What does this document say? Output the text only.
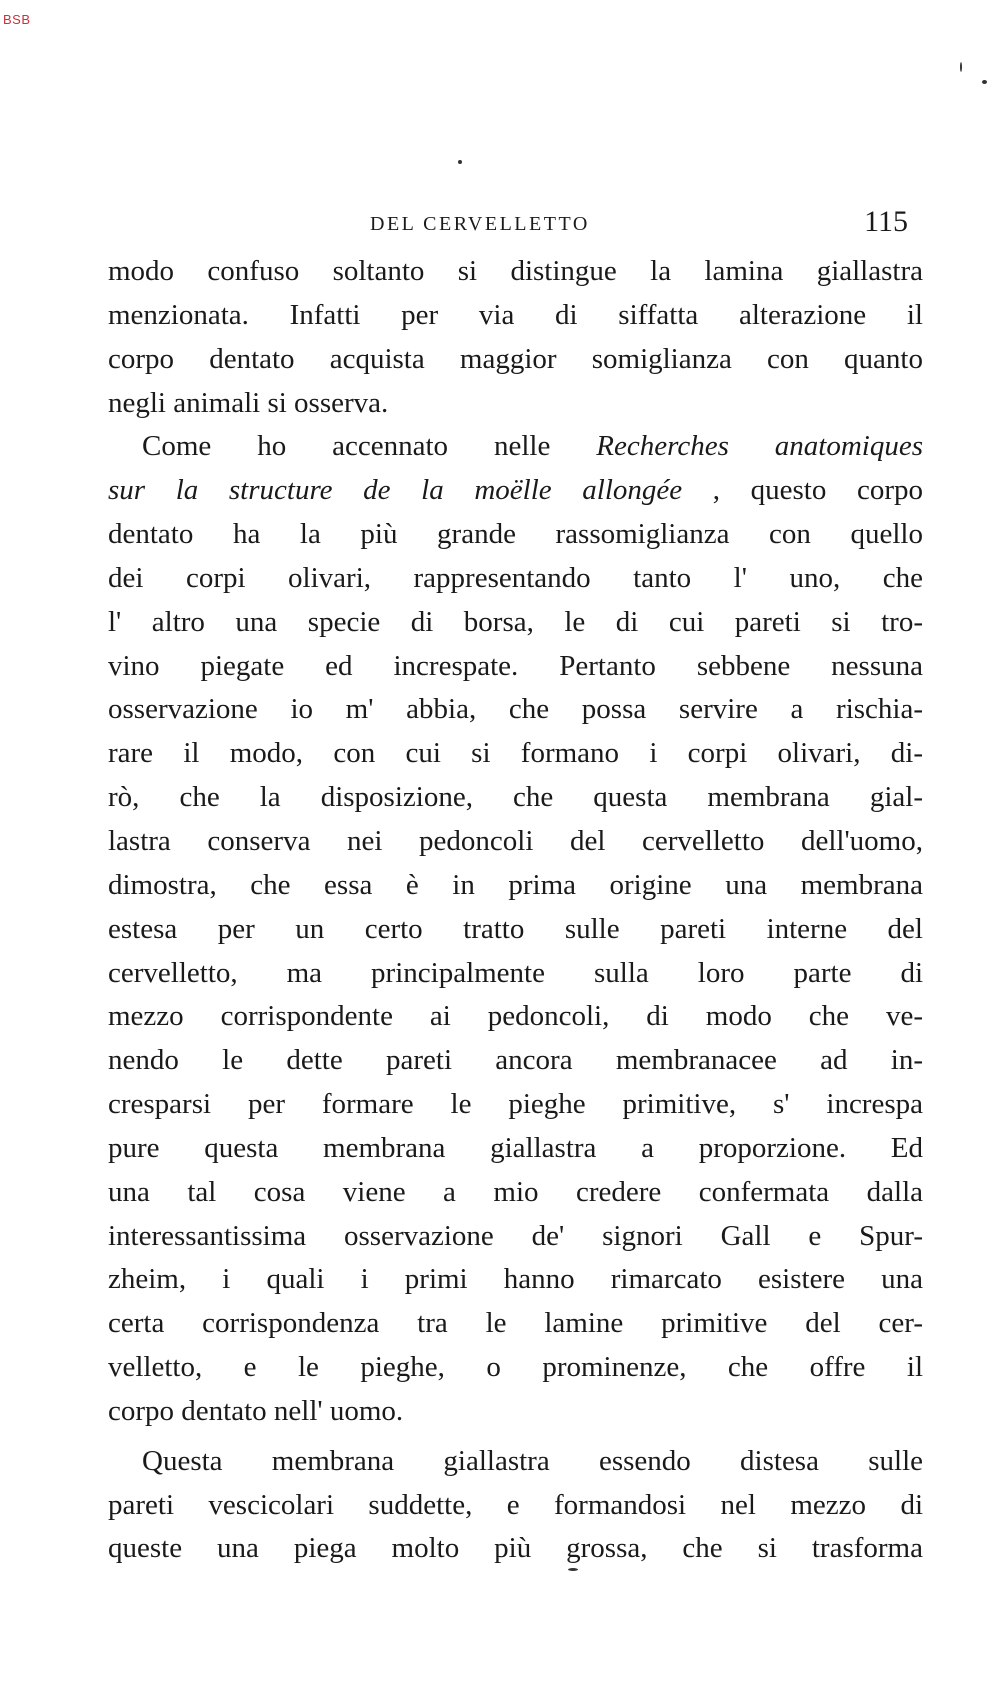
BSB
DEL CERVELLETTO	115
modo confuso soltanto si distingue la lamina giallastra
menzionata. Infatti per via di siffatta alterazione il
corpo dentato acquista maggior somiglianza con quanto
negli animali si osserva.
Come ho accennato nelle Recherches anatomiques
sur la structure de la moëlle allongée , questo corpo
dentato ha la più grande rassomiglianza con quello
dei corpi olivari, rappresentando tanto l' uno, che
l' altro una specie di borsa, le di cui pareti si tro-
vino piegate ed increspate. Pertanto sebbene nessuna
osservazione io m' abbia, che possa servire a rischia-
rare il modo, con cui si formano i corpi olivari, di-
rò, che la disposizione, che questa membrana gial-
lastra conserva nei pedoncoli del cervelletto dell'uomo,
dimostra, che essa è in prima origine una membrana
estesa per un certo tratto sulle pareti interne del
cervelletto, ma principalmente sulla loro parte di
mezzo corrispondente ai pedoncoli, di modo che ve-
nendo le dette pareti ancora membranacee ad in-
cresparsi per formare le pieghe primitive, s' increspa
pure questa membrana giallastra a proporzione. Ed
una tal cosa viene a mio credere confermata dalla
interessantissima osservazione de' signori Gall e Spur-
zheim, i quali i primi hanno rimarcato esistere una
certa corrispondenza tra le lamine primitive del cer-
velletto, e le pieghe, o prominenze, che offre il
corpo dentato nell' uomo.
Questa membrana giallastra essendo distesa sulle
pareti vescicolari suddette, e formandosi nel mezzo di
queste una piega molto più grossa, che si trasforma
